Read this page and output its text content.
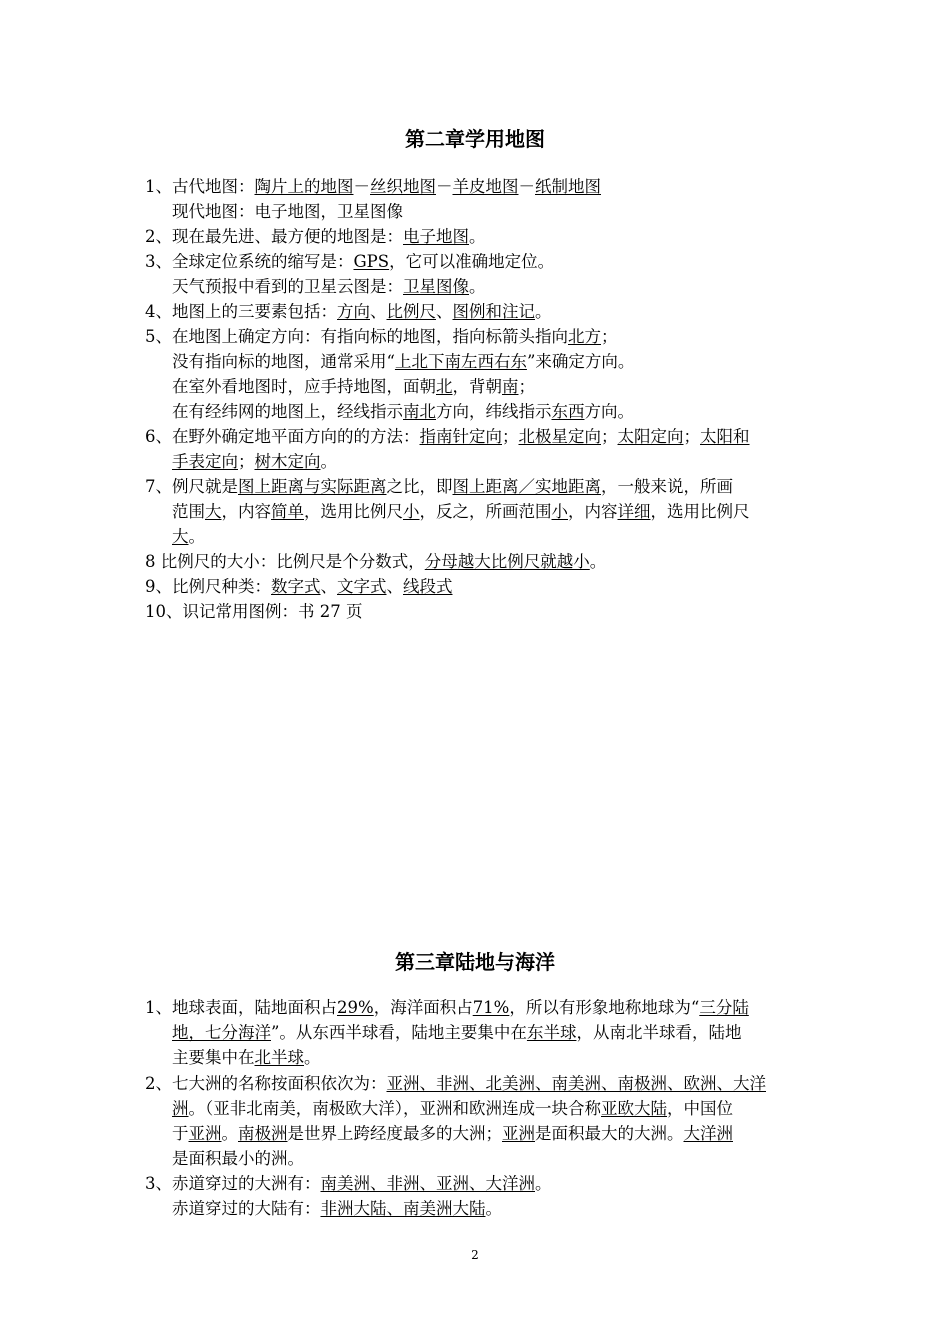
第二章学用地图
1、古代地图：陶片上的地图－丝织地图－羊皮地图－纸制地图
现代地图：电子地图，卫星图像
2、现在最先进、最方便的地图是：电子地图。
3、全球定位系统的缩写是：GPS，它可以准确地定位。
天气预报中看到的卫星云图是：卫星图像。
4、地图上的三要素包括：方向、比例尺、图例和注记。
5、在地图上确定方向：有指向标的地图，指向标箭头指向北方；
没有指向标的地图，通常采用“上北下南左西右东”来确定方向。
在室外看地图时，应手持地图，面朝北，背朝南；
在有经纬网的地图上，经线指示南北方向，纬线指示东西方向。
6、在野外确定地平面方向的的方法：指南针定向；北极星定向；太阳定向；太阳和
手表定向；树木定向。
7、例尺就是图上距离与实际距离之比，即图上距离／实地距离，一般来说，所画
范围大，内容简单，选用比例尺小，反之，所画范围小，内容详细，选用比例尺
大。
8 比例尺的大小：比例尺是个分数式，分母越大比例尺就越小。
9、比例尺种类：数字式、文字式、线段式
10、识记常用图例：书 27 页
第三章陆地与海洋
1、地球表面，陆地面积占29%，海洋面积占71%，所以有形象地称地球为“三分陆
地，七分海洋”。从东西半球看，陆地主要集中在东半球，从南北半球看，陆地
主要集中在北半球。
2、七大洲的名称按面积依次为：亚洲、非洲、北美洲、南美洲、南极洲、欧洲、大洋
洲。（亚非北南美，南极欧大洋），亚洲和欧洲连成一块合称亚欧大陆，中国位
于亚洲。南极洲是世界上跨经度最多的大洲；亚洲是面积最大的大洲。大洋洲
是面积最小的洲。
3、赤道穿过的大洲有：南美洲、非洲、亚洲、大洋洲。
赤道穿过的大陆有：非洲大陆、南美洲大陆。
2
